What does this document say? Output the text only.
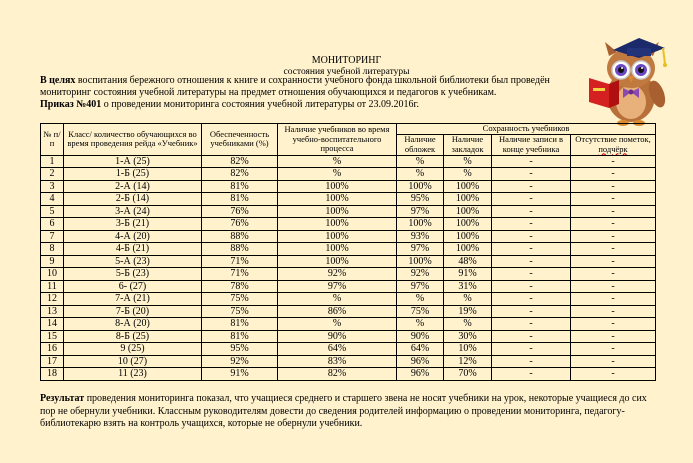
МОНИТОРИНГ
состояния учебной литературы
В целях воспитания бережного отношения к книге и сохранности учебного фонда школьной библиотеки был проведён мониторинг состояния учебной литературы на предмет отношения обучающихся и педагогов к учебникам.
Приказ №401 о проведении мониторинга состояния учебной литературы от 23.09.2016г.
№ п/п	Класс/ количество обучающихся во время проведения рейда «Учебник»	Обеспеченность учебниками (%)	Наличие учебников во время учебно-воспитательного процесса	Сохранность учебников			
				Наличие обложек	Наличие закладок	Наличие записи в конце учебника	Отсутствие пометок, подчёрк
1	1-А (25)	82%	%	%	%	-	-
2	1-Б (25)	82%	%	%	%	-	-
3	2-А (14)	81%	100%	100%	100%	-	-
4	2-Б (14)	81%	100%	95%	100%	-	-
5	3-А (24)	76%	100%	97%	100%	-	-
6	3-Б (21)	76%	100%	100%	100%	-	-
7	4-А (20)	88%	100%	93%	100%	-	-
8	4-Б (21)	88%	100%	97%	100%	-	-
9	5-А (23)	71%	100%	100%	48%	-	-
10	5-Б (23)	71%	92%	92%	91%	-	-
11	6- (27)	78%	97%	97%	31%	-	-
12	7-А (21)	75%	%	%	%	-	-
13	7-Б (20)	75%	86%	75%	19%	-	-
14	8-А (20)	81%	%	%	%	-	-
15	8-Б (25)	81%	90%	90%	30%	-	-
16	9 (25)	95%	64%	64%	10%	-	-
17	10 (27)	92%	83%	96%	12%	-	-
18	11 (23)	91%	82%	96%	70%	-	-
Результат проведения мониторинга показал, что учащиеся среднего и старшего звена не носят учебники на урок, некоторые учащиеся до сих пор не обернули учебники. Классным руководителям довести до сведения родителей информацию о проведении мониторинга, педагогу-библиотекарю взять на контроль учащихся, которые не обернули учебники.
